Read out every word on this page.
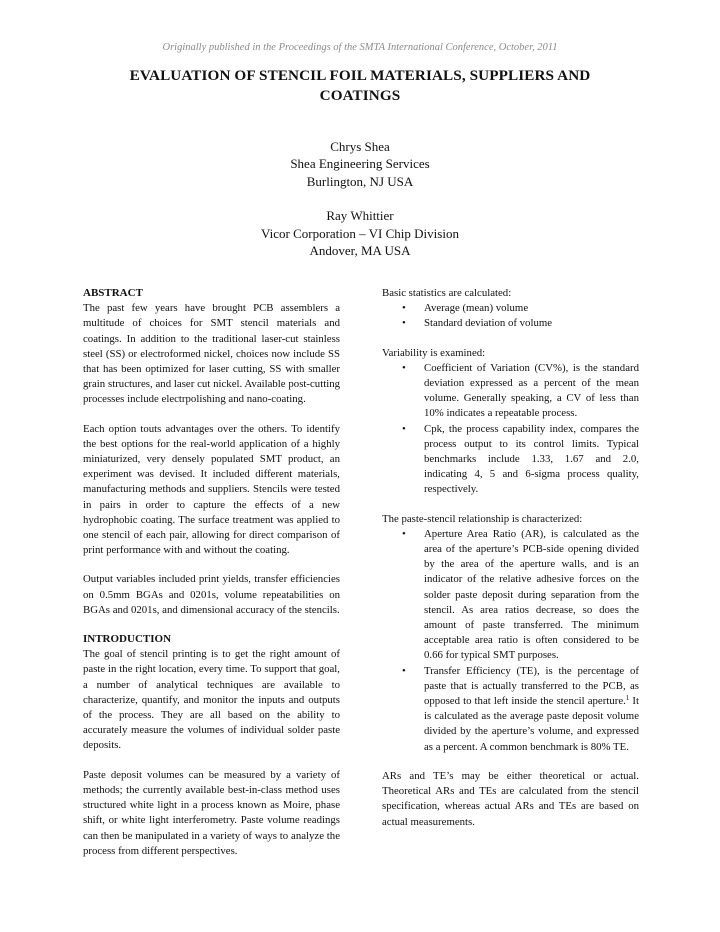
Originally published in the Proceedings of the SMTA International Conference, October, 2011
EVALUATION OF STENCIL FOIL MATERIALS, SUPPLIERS AND COATINGS
Chrys Shea
Shea Engineering Services
Burlington, NJ USA
Ray Whittier
Vicor Corporation – VI Chip Division
Andover, MA USA
ABSTRACT

The past few years have brought PCB assemblers a multitude of choices for SMT stencil materials and coatings. In addition to the traditional laser-cut stainless steel (SS) or electroformed nickel, choices now include SS that has been optimized for laser cutting, SS with smaller grain structures, and laser cut nickel. Available post-cutting processes include electrpolishing and nano-coating.

Each option touts advantages over the others. To identify the best options for the real-world application of a highly miniaturized, very densely populated SMT product, an experiment was devised. It included different materials, manufacturing methods and suppliers. Stencils were tested in pairs in order to capture the effects of a new hydrophobic coating. The surface treatment was applied to one stencil of each pair, allowing for direct comparison of print performance with and without the coating.

Output variables included print yields, transfer efficiencies on 0.5mm BGAs and 0201s, volume repeatabilities on BGAs and 0201s, and dimensional accuracy of the stencils.

INTRODUCTION

The goal of stencil printing is to get the right amount of paste in the right location, every time. To support that goal, a number of analytical techniques are available to characterize, quantify, and monitor the inputs and outputs of the process. They are all based on the ability to accurately measure the volumes of individual solder paste deposits.

Paste deposit volumes can be measured by a variety of methods; the currently available best-in-class method uses structured white light in a process known as Moire, phase shift, or white light interferometry. Paste volume readings can then be manipulated in a variety of ways to analyze the process from different perspectives.

Basic statistics are calculated:

• Average (mean) volume
• Standard deviation of volume

Variability is examined:

• Coefficient of Variation (CV%), is the standard deviation expressed as a percent of the mean volume. Generally speaking, a CV of less than 10% indicates a repeatable process.
• Cpk, the process capability index, compares the process output to its control limits. Typical benchmarks include 1.33, 1.67 and 2.0, indicating 4, 5 and 6-sigma process quality, respectively.

The paste-stencil relationship is characterized:

• Aperture Area Ratio (AR), is calculated as the area of the aperture’s PCB-side opening divided by the area of the aperture walls, and is an indicator of the relative adhesive forces on the solder paste deposit during separation from the stencil. As area ratios decrease, so does the amount of paste transferred. The minimum acceptable area ratio is often considered to be 0.66 for typical SMT purposes.
• Transfer Efficiency (TE), is the percentage of paste that is actually transferred to the PCB, as opposed to that left inside the stencil aperture.$^1$ It is calculated as the average paste deposit volume divided by the aperture’s volume, and expressed as a percent. A common benchmark is 80% TE.

ARs and TE’s may be either theoretical or actual. Theoretical ARs and TEs are calculated from the stencil specification, whereas actual ARs and TEs are based on actual measurements.
